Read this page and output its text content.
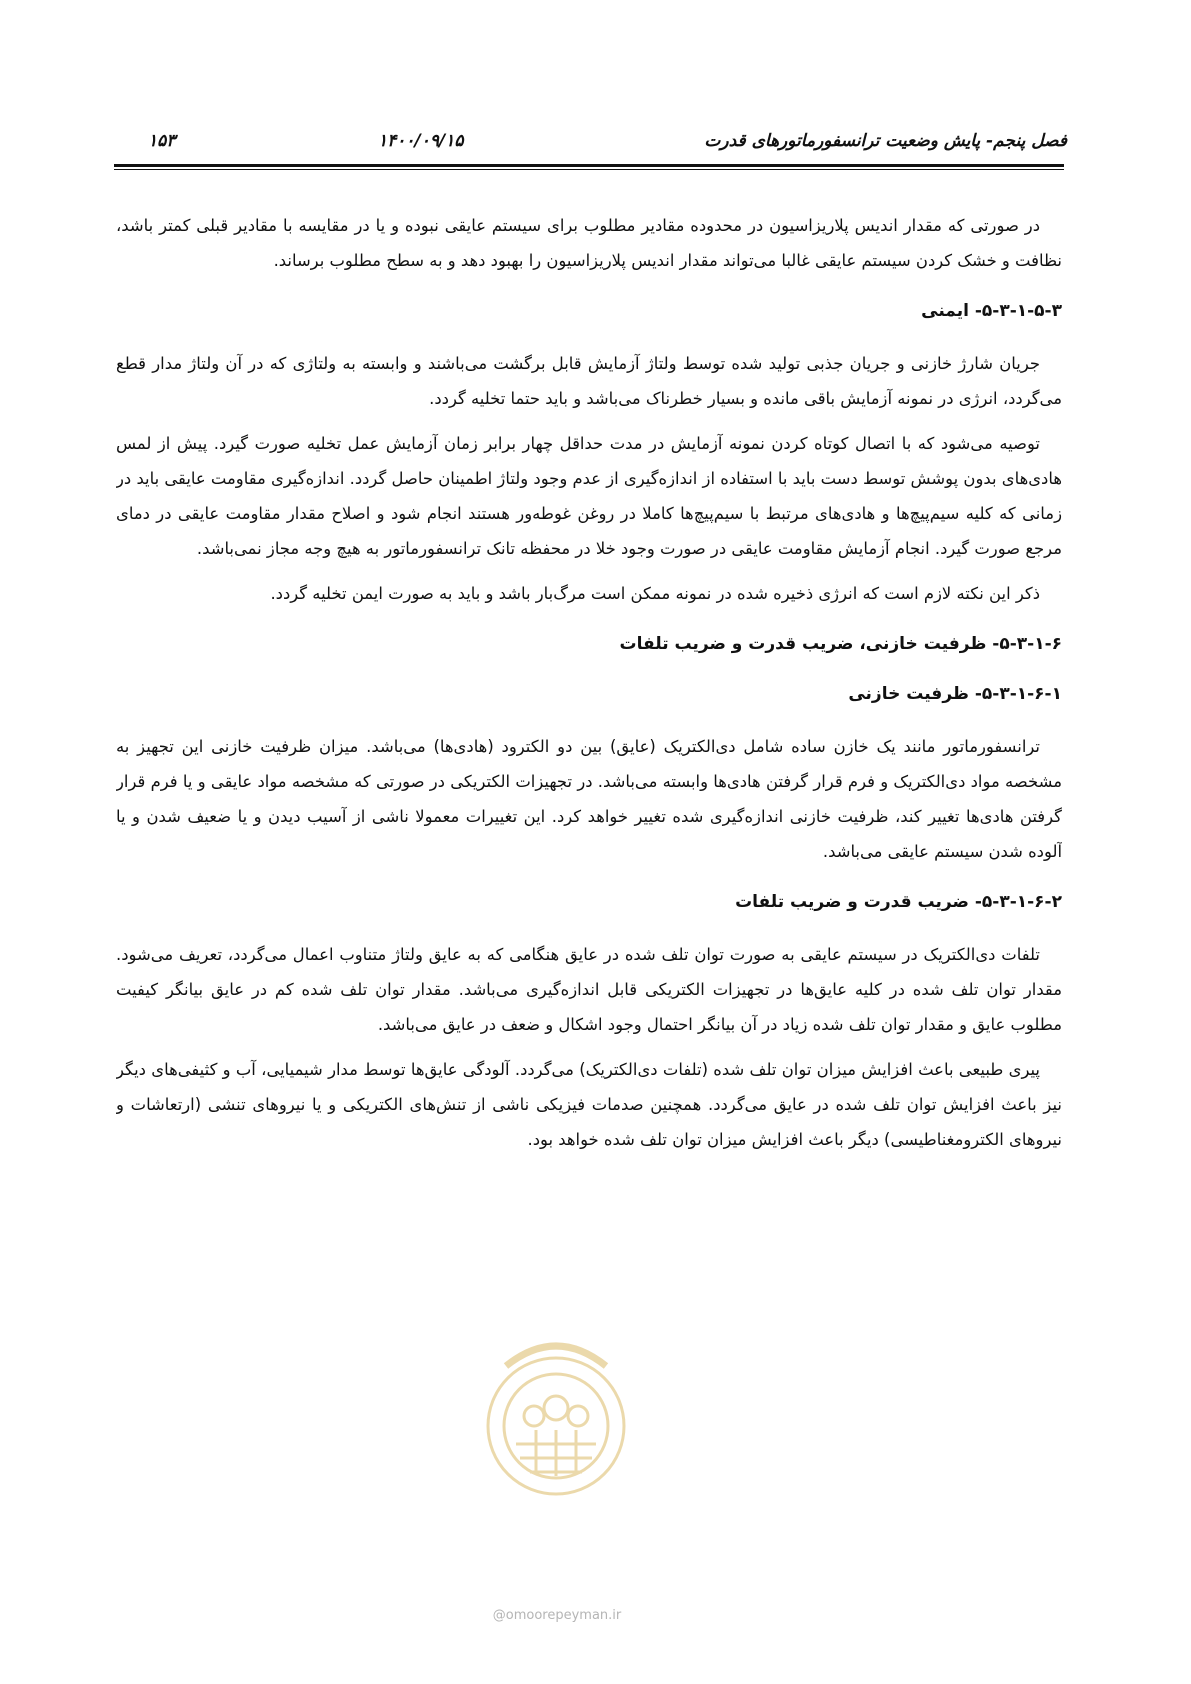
فصل پنجم- پایش وضعیت ترانسفورماتورهای قدرت
۱۴۰۰/۰۹/۱۵
۱۵۳

در صورتی که مقدار اندیس پلاریزاسیون در محدوده مقادیر مطلوب برای سیستم عایقی نبوده و یا در مقایسه با مقادیر قبلی کمتر باشد، نظافت و خشک کردن سیستم عایقی غالبا می‌تواند مقدار اندیس پلاریزاسیون را بهبود دهد و به سطح مطلوب برساند.

۵-۳-۱-۵-۳- ایمنی

جریان شارژ خازنی و جریان جذبی تولید شده توسط ولتاژ آزمایش قابل برگشت می‌باشند و وابسته به ولتاژی که در آن ولتاژ مدار قطع می‌گردد، انرژی در نمونه آزمایش باقی مانده و بسیار خطرناک می‌باشد و باید حتما تخلیه گردد.

توصیه می‌شود که با اتصال کوتاه کردن نمونه آزمایش در مدت حداقل چهار برابر زمان آزمایش عمل تخلیه صورت گیرد. پیش از لمس هادی‌های بدون پوشش توسط دست باید با استفاده از اندازه‌گیری از عدم وجود ولتاژ اطمینان حاصل گردد. اندازه‌گیری مقاومت عایقی باید در زمانی که کلیه سیم‌پیچ‌ها و هادی‌های مرتبط با سیم‌پیچ‌ها کاملا در روغن غوطه‌ور هستند انجام شود و اصلاح مقدار مقاومت عایقی در دمای مرجع صورت گیرد. انجام آزمایش مقاومت عایقی در صورت وجود خلا در محفظه تانک ترانسفورماتور به هیچ وجه مجاز نمی‌باشد.

ذکر این نکته لازم است که انرژی ذخیره شده در نمونه ممکن است مرگ‌بار باشد و باید به صورت ایمن تخلیه گردد.

۵-۳-۱-۶- ظرفیت خازنی، ضریب قدرت و ضریب تلفات
۵-۳-۱-۶-۱- ظرفیت خازنی

ترانسفورماتور مانند یک خازن ساده شامل دی‌الکتریک (عایق) بین دو الکترود (هادی‌ها) می‌باشد. میزان ظرفیت خازنی این تجهیز به مشخصه مواد دی‌الکتریک و فرم قرار گرفتن هادی‌ها وابسته می‌باشد. در تجهیزات الکتریکی در صورتی که مشخصه مواد عایقی و یا فرم قرار گرفتن هادی‌ها تغییر کند، ظرفیت خازنی اندازه‌گیری شده تغییر خواهد کرد. این تغییرات معمولا ناشی از آسیب دیدن و یا ضعیف شدن و یا آلوده شدن سیستم عایقی می‌باشد.

۵-۳-۱-۶-۲- ضریب قدرت و ضریب تلفات

تلفات دی‌الکتریک در سیستم عایقی به صورت توان تلف شده در عایق هنگامی که به عایق ولتاژ متناوب اعمال می‌گردد، تعریف می‌شود. مقدار توان تلف شده در کلیه عایق‌ها در تجهیزات الکتریکی قابل اندازه‌گیری می‌باشد. مقدار توان تلف شده کم در عایق بیانگر کیفیت مطلوب عایق و مقدار توان تلف شده زیاد در آن بیانگر احتمال وجود اشکال و ضعف در عایق می‌باشد.

پیری طبیعی باعث افزایش میزان توان تلف شده (تلفات دی‌الکتریک) می‌گردد. آلودگی عایق‌ها توسط مدار شیمیایی، آب و کثیفی‌های دیگر نیز باعث افزایش توان تلف شده در عایق می‌گردد. همچنین صدمات فیزیکی ناشی از تنش‌های الکتریکی و یا نیروهای تنشی (ارتعاشات و نیروهای الکترومغناطیسی) دیگر باعث افزایش میزان توان تلف شده خواهد بود.

@omoorepeyman.ir
